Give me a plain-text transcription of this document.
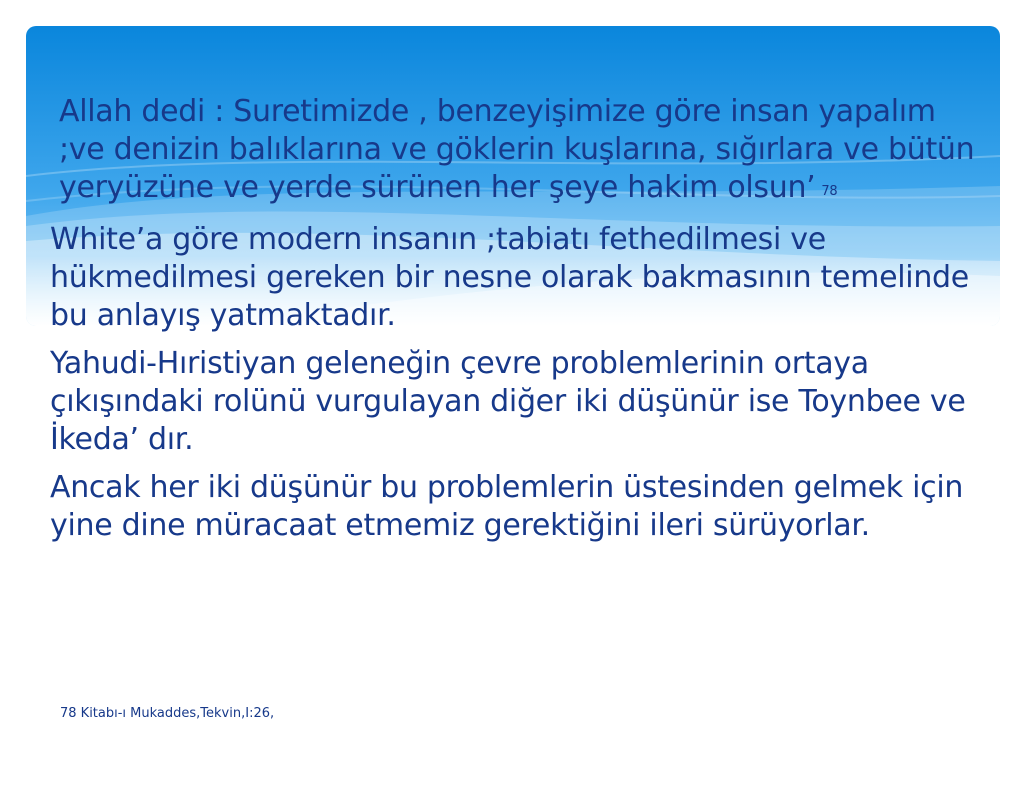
Allah dedi : Suretimizde , benzeyişimize göre insan yapalım ;ve denizin balıklarına ve göklerin kuşlarına, sığırlara ve bütün yeryüzüne ve yerde sürünen her şeye hakim olsun’ 78

White’a göre modern insanın ;tabiatı fethedilmesi ve hükmedilmesi gereken bir nesne olarak bakmasının temelinde bu anlayış yatmaktadır.

Yahudi-Hıristiyan geleneğin çevre problemlerinin ortaya çıkışındaki rolünü vurgulayan diğer iki düşünür ise Toynbee ve İkeda’ dır.

Ancak her iki düşünür bu problemlerin üstesinden gelmek için yine dine müracaat etmemiz gerektiğini ileri sürüyorlar.

78 Kitabı-ı Mukaddes,Tekvin,I:26,
